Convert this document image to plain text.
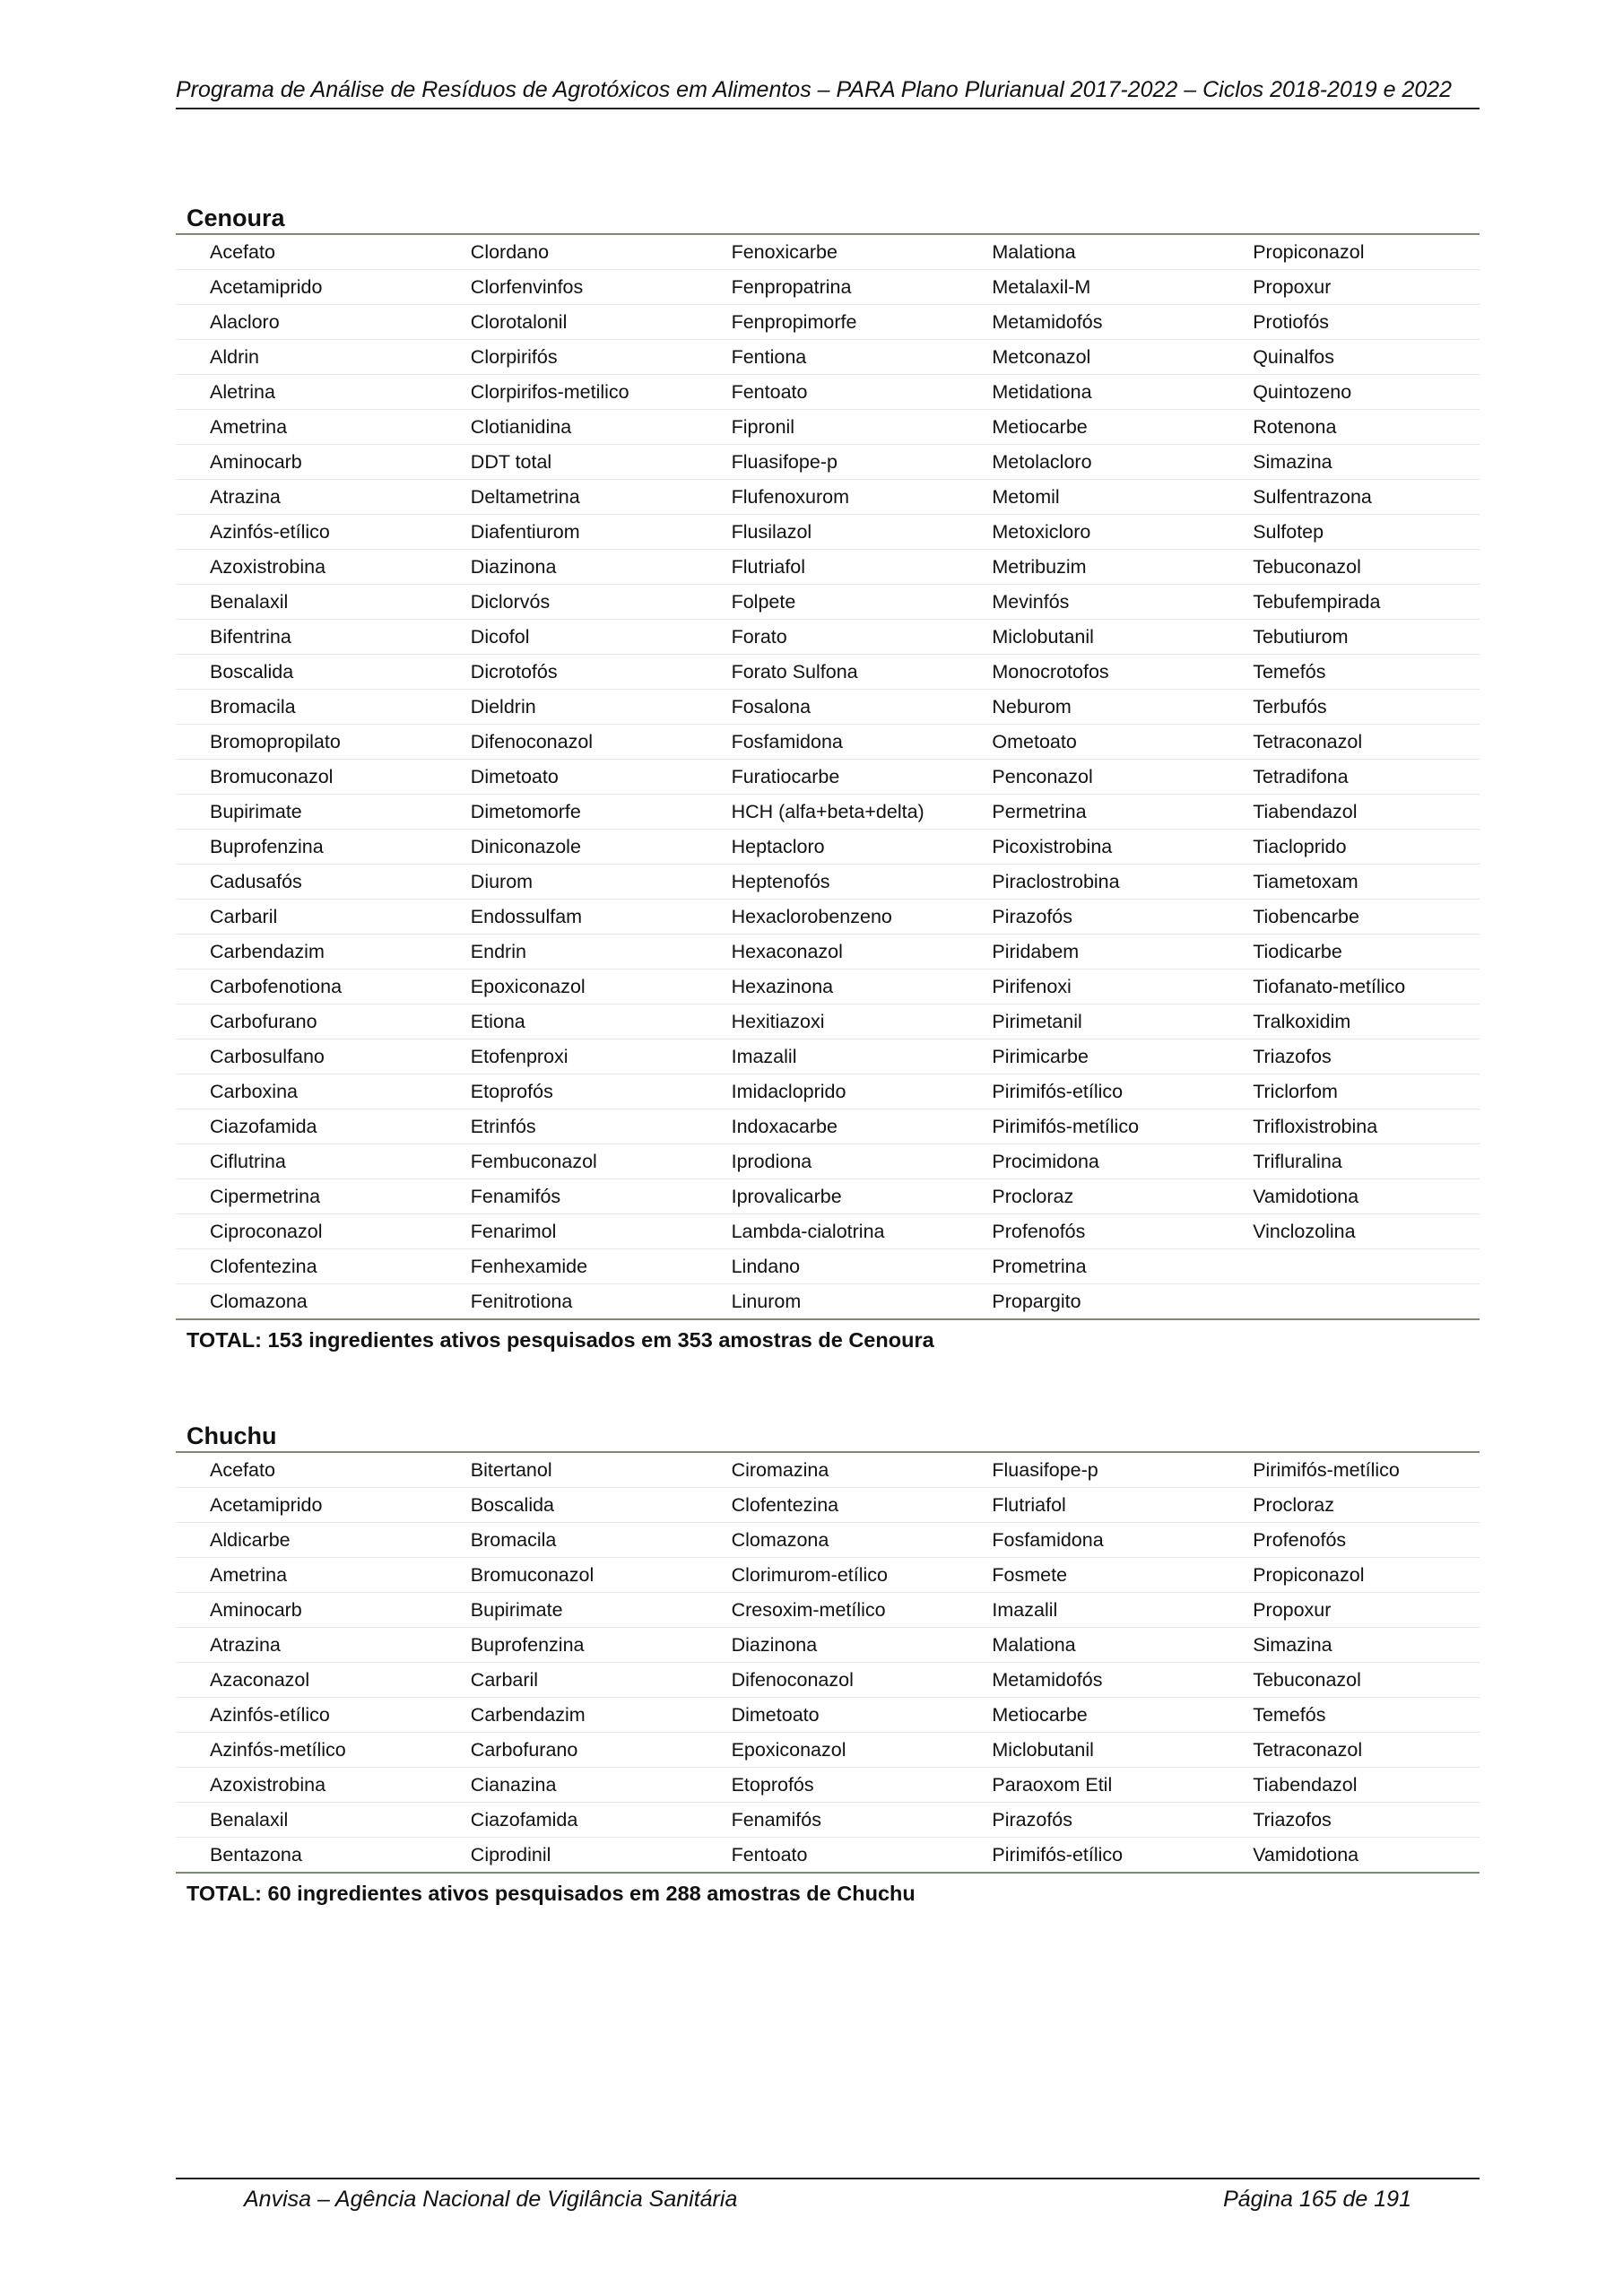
Programa de Análise de Resíduos de Agrotóxicos em Alimentos – PARA Plano Plurianual 2017-2022 – Ciclos 2018-2019 e 2022
Cenoura
Acefato	Clordano	Fenoxicarbe	Malationa	Propiconazol
Acetamiprido	Clorfenvinfos	Fenpropatrina	Metalaxil-M	Propoxur
Alacloro	Clorotalonil	Fenpropimorfe	Metamidofós	Protiofós
Aldrin	Clorpirifós	Fentiona	Metconazol	Quinalfos
Aletrina	Clorpirifos-metilico	Fentoato	Metidationa	Quintozeno
Ametrina	Clotianidina	Fipronil	Metiocarbe	Rotenona
Aminocarb	DDT total	Fluasifope-p	Metolacloro	Simazina
Atrazina	Deltametrina	Flufenoxurom	Metomil	Sulfentrazona
Azinfós-etílico	Diafentiurom	Flusilazol	Metoxicloro	Sulfotep
Azoxistrobina	Diazinona	Flutriafol	Metribuzim	Tebuconazol
Benalaxil	Diclorvós	Folpete	Mevinfós	Tebufempirada
Bifentrina	Dicofol	Forato	Miclobutanil	Tebutiurom
Boscalida	Dicrotofós	Forato Sulfona	Monocrotofos	Temefós
Bromacila	Dieldrin	Fosalona	Neburom	Terbufós
Bromopropilato	Difenoconazol	Fosfamidona	Ometoato	Tetraconazol
Bromuconazol	Dimetoato	Furatiocarbe	Penconazol	Tetradifona
Bupirimate	Dimetomorfe	HCH (alfa+beta+delta)	Permetrina	Tiabendazol
Buprofenzina	Diniconazole	Heptacloro	Picoxistrobina	Tiacloprido
Cadusafós	Diurom	Heptenofós	Piraclostrobina	Tiametoxam
Carbaril	Endossulfam	Hexaclorobenzeno	Pirazofós	Tiobencarbe
Carbendazim	Endrin	Hexaconazol	Piridabem	Tiodicarbe
Carbofenotiona	Epoxiconazol	Hexazinona	Pirifenoxi	Tiofanato-metílico
Carbofurano	Etiona	Hexitiazoxi	Pirimetanil	Tralkoxidim
Carbosulfano	Etofenproxi	Imazalil	Pirimicarbe	Triazofos
Carboxina	Etoprofós	Imidacloprido	Pirimifós-etílico	Triclorfom
Ciazofamida	Etrinfós	Indoxacarbe	Pirimifós-metílico	Trifloxistrobina
Ciflutrina	Fembuconazol	Iprodiona	Procimidona	Trifluralina
Cipermetrina	Fenamifós	Iprovalicarbe	Procloraz	Vamidotiona
Ciproconazol	Fenarimol	Lambda-cialotrina	Profenofós	Vinclozolina
Clofentezina	Fenhexamide	Lindano	Prometrina
Clomazona	Fenitrotiona	Linurom	Propargito
TOTAL: 153 ingredientes ativos pesquisados em 353 amostras de Cenoura
Chuchu
Acefato	Bitertanol	Ciromazina	Fluasifope-p	Pirimifós-metílico
Acetamiprido	Boscalida	Clofentezina	Flutriafol	Procloraz
Aldicarbe	Bromacila	Clomazona	Fosfamidona	Profenofós
Ametrina	Bromuconazol	Clorimurom-etílico	Fosmete	Propiconazol
Aminocarb	Bupirimate	Cresoxim-metílico	Imazalil	Propoxur
Atrazina	Buprofenzina	Diazinona	Malationa	Simazina
Azaconazol	Carbaril	Difenoconazol	Metamidofós	Tebuconazol
Azinfós-etílico	Carbendazim	Dimetoato	Metiocarbe	Temefós
Azinfós-metílico	Carbofurano	Epoxiconazol	Miclobutanil	Tetraconazol
Azoxistrobina	Cianazina	Etoprofós	Paraoxom Etil	Tiabendazol
Benalaxil	Ciazofamida	Fenamifós	Pirazofós	Triazofos
Bentazona	Ciprodinil	Fentoato	Pirimifós-etílico	Vamidotiona
TOTAL: 60 ingredientes ativos pesquisados em 288 amostras de Chuchu
Anvisa – Agência Nacional de Vigilância Sanitária	Página 165 de 191
